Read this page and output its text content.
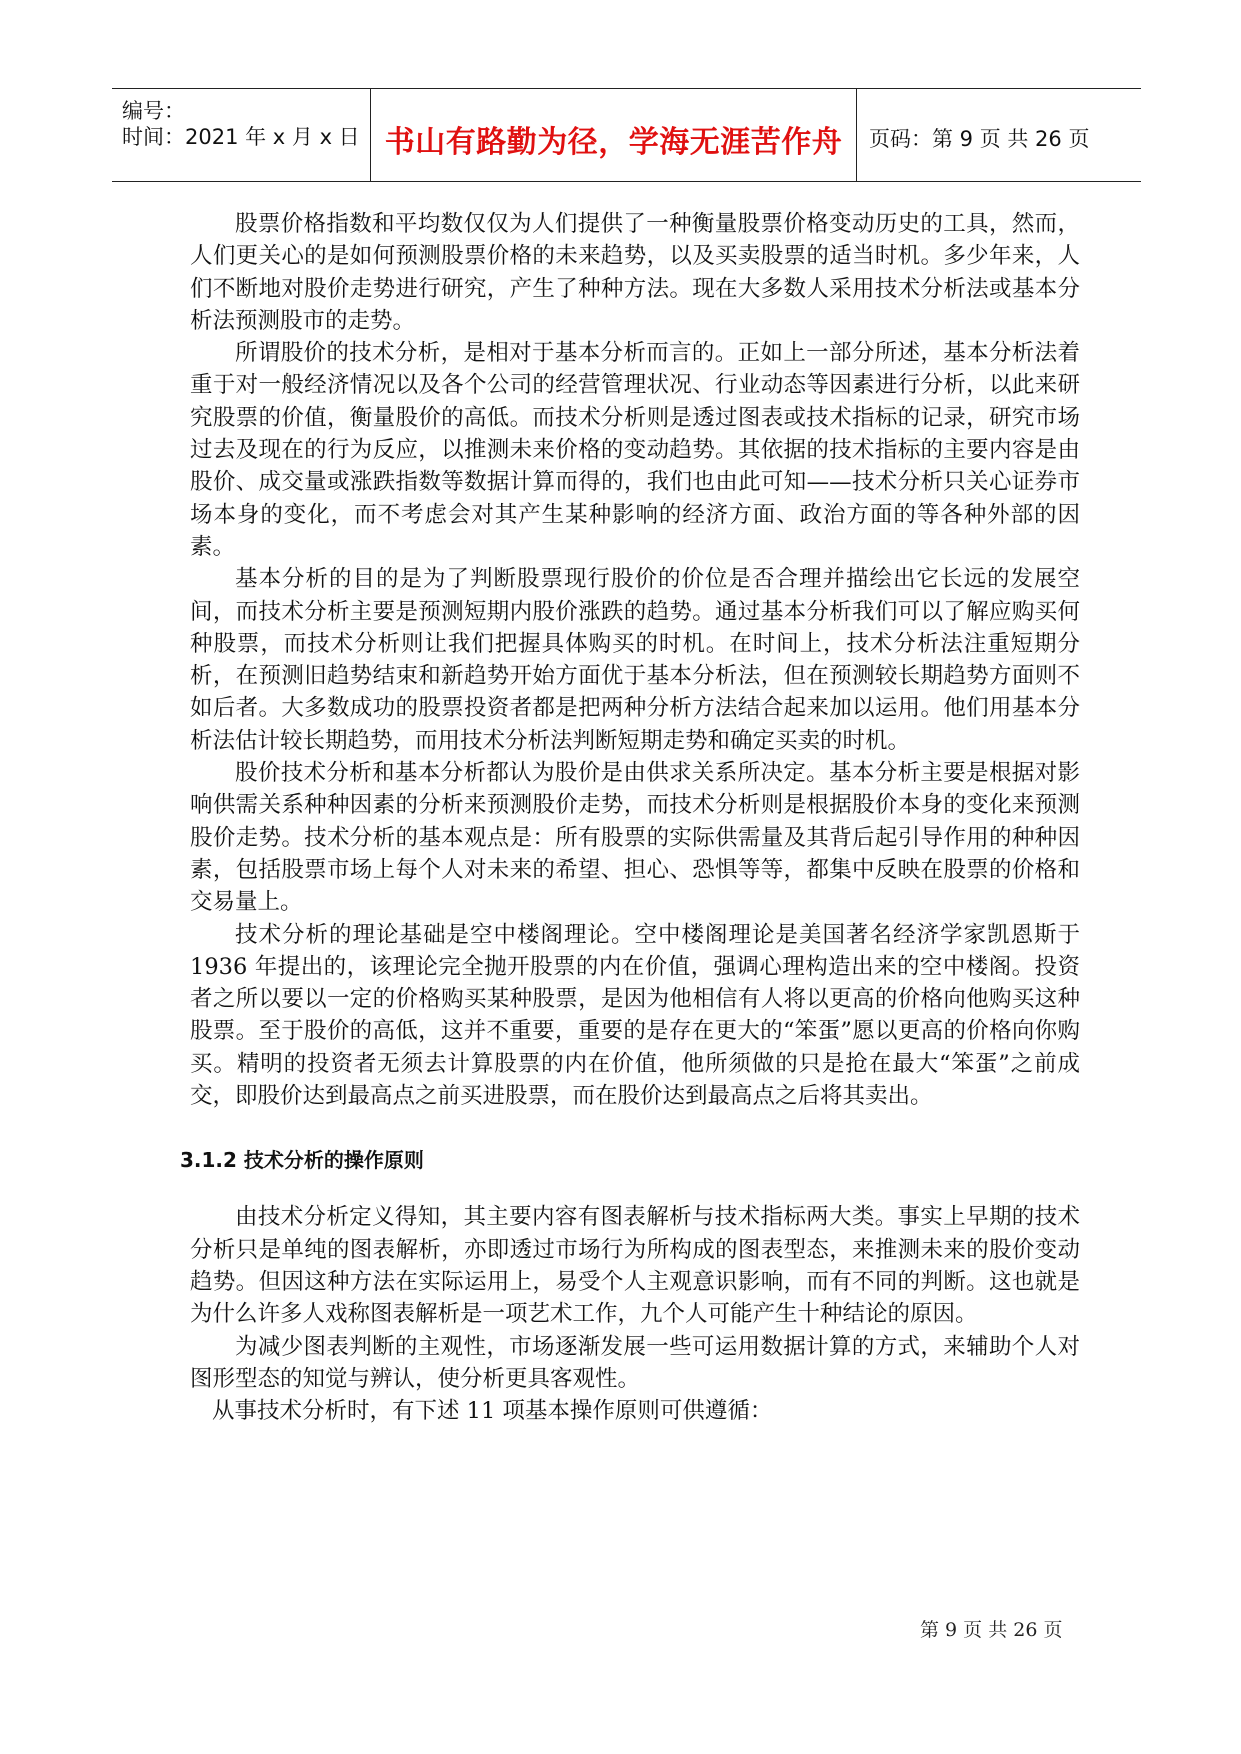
编号：
时间：2021 年 x 月 x 日 书山有路勤为径，学海无涯苦作舟	页码：第 9 页 共 26 页

股票价格指数和平均数仅仅为人们提供了一种衡量股票价格变动历史的工具，然而，人们更关心的是如何预测股票价格的未来趋势，以及买卖股票的适当时机。多少年来，人们不断地对股价走势进行研究，产生了种种方法。现在大多数人采用技术分析法或基本分析法预测股市的走势。

所谓股价的技术分析，是相对于基本分析而言的。正如上一部分所述，基本分析法着重于对一般经济情况以及各个公司的经营管理状况、行业动态等因素进行分析，以此来研究股票的价值，衡量股价的高低。而技术分析则是透过图表或技术指标的记录，研究市场过去及现在的行为反应，以推测未来价格的变动趋势。其依据的技术指标的主要内容是由股价、成交量或涨跌指数等数据计算而得的，我们也由此可知——技术分析只关心证券市场本身的变化，而不考虑会对其产生某种影响的经济方面、政治方面的等各种外部的因素。

基本分析的目的是为了判断股票现行股价的价位是否合理并描绘出它长远的发展空间，而技术分析主要是预测短期内股价涨跌的趋势。通过基本分析我们可以了解应购买何种股票，而技术分析则让我们把握具体购买的时机。在时间上，技术分析法注重短期分析，在预测旧趋势结束和新趋势开始方面优于基本分析法，但在预测较长期趋势方面则不如后者。大多数成功的股票投资者都是把两种分析方法结合起来加以运用。他们用基本分析法估计较长期趋势，而用技术分析法判断短期走势和确定买卖的时机。

股价技术分析和基本分析都认为股价是由供求关系所决定。基本分析主要是根据对影响供需关系种种因素的分析来预测股价走势，而技术分析则是根据股价本身的变化来预测股价走势。技术分析的基本观点是：所有股票的实际供需量及其背后起引导作用的种种因素，包括股票市场上每个人对未来的希望、担心、恐惧等等，都集中反映在股票的价格和交易量上。

技术分析的理论基础是空中楼阁理论。空中楼阁理论是美国著名经济学家凯恩斯于 1936 年提出的，该理论完全抛开股票的内在价值，强调心理构造出来的空中楼阁。投资者之所以要以一定的价格购买某种股票，是因为他相信有人将以更高的价格向他购买这种股票。至于股价的高低，这并不重要，重要的是存在更大的“笨蛋”愿以更高的价格向你购买。精明的投资者无须去计算股票的内在价值，他所须做的只是抢在最大“笨蛋”之前成交，即股价达到最高点之前买进股票，而在股价达到最高点之后将其卖出。

3.1.2 技术分析的操作原则

由技术分析定义得知，其主要内容有图表解析与技术指标两大类。事实上早期的技术分析只是单纯的图表解析，亦即透过市场行为所构成的图表型态，来推测未来的股价变动趋势。但因这种方法在实际运用上，易受个人主观意识影响，而有不同的判断。这也就是为什么许多人戏称图表解析是一项艺术工作，九个人可能产生十种结论的原因。

为减少图表判断的主观性，市场逐渐发展一些可运用数据计算的方式，来辅助个人对图形型态的知觉与辨认，使分析更具客观性。

从事技术分析时，有下述 11 项基本操作原则可供遵循：

第 9 页 共 26 页
